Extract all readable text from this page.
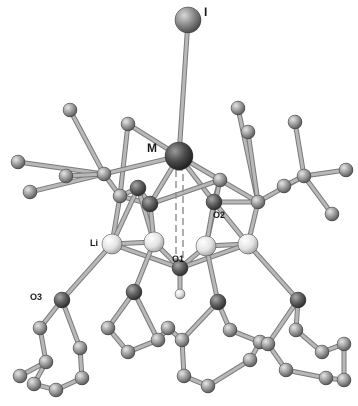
I
M
Li
O1
O2
O3
